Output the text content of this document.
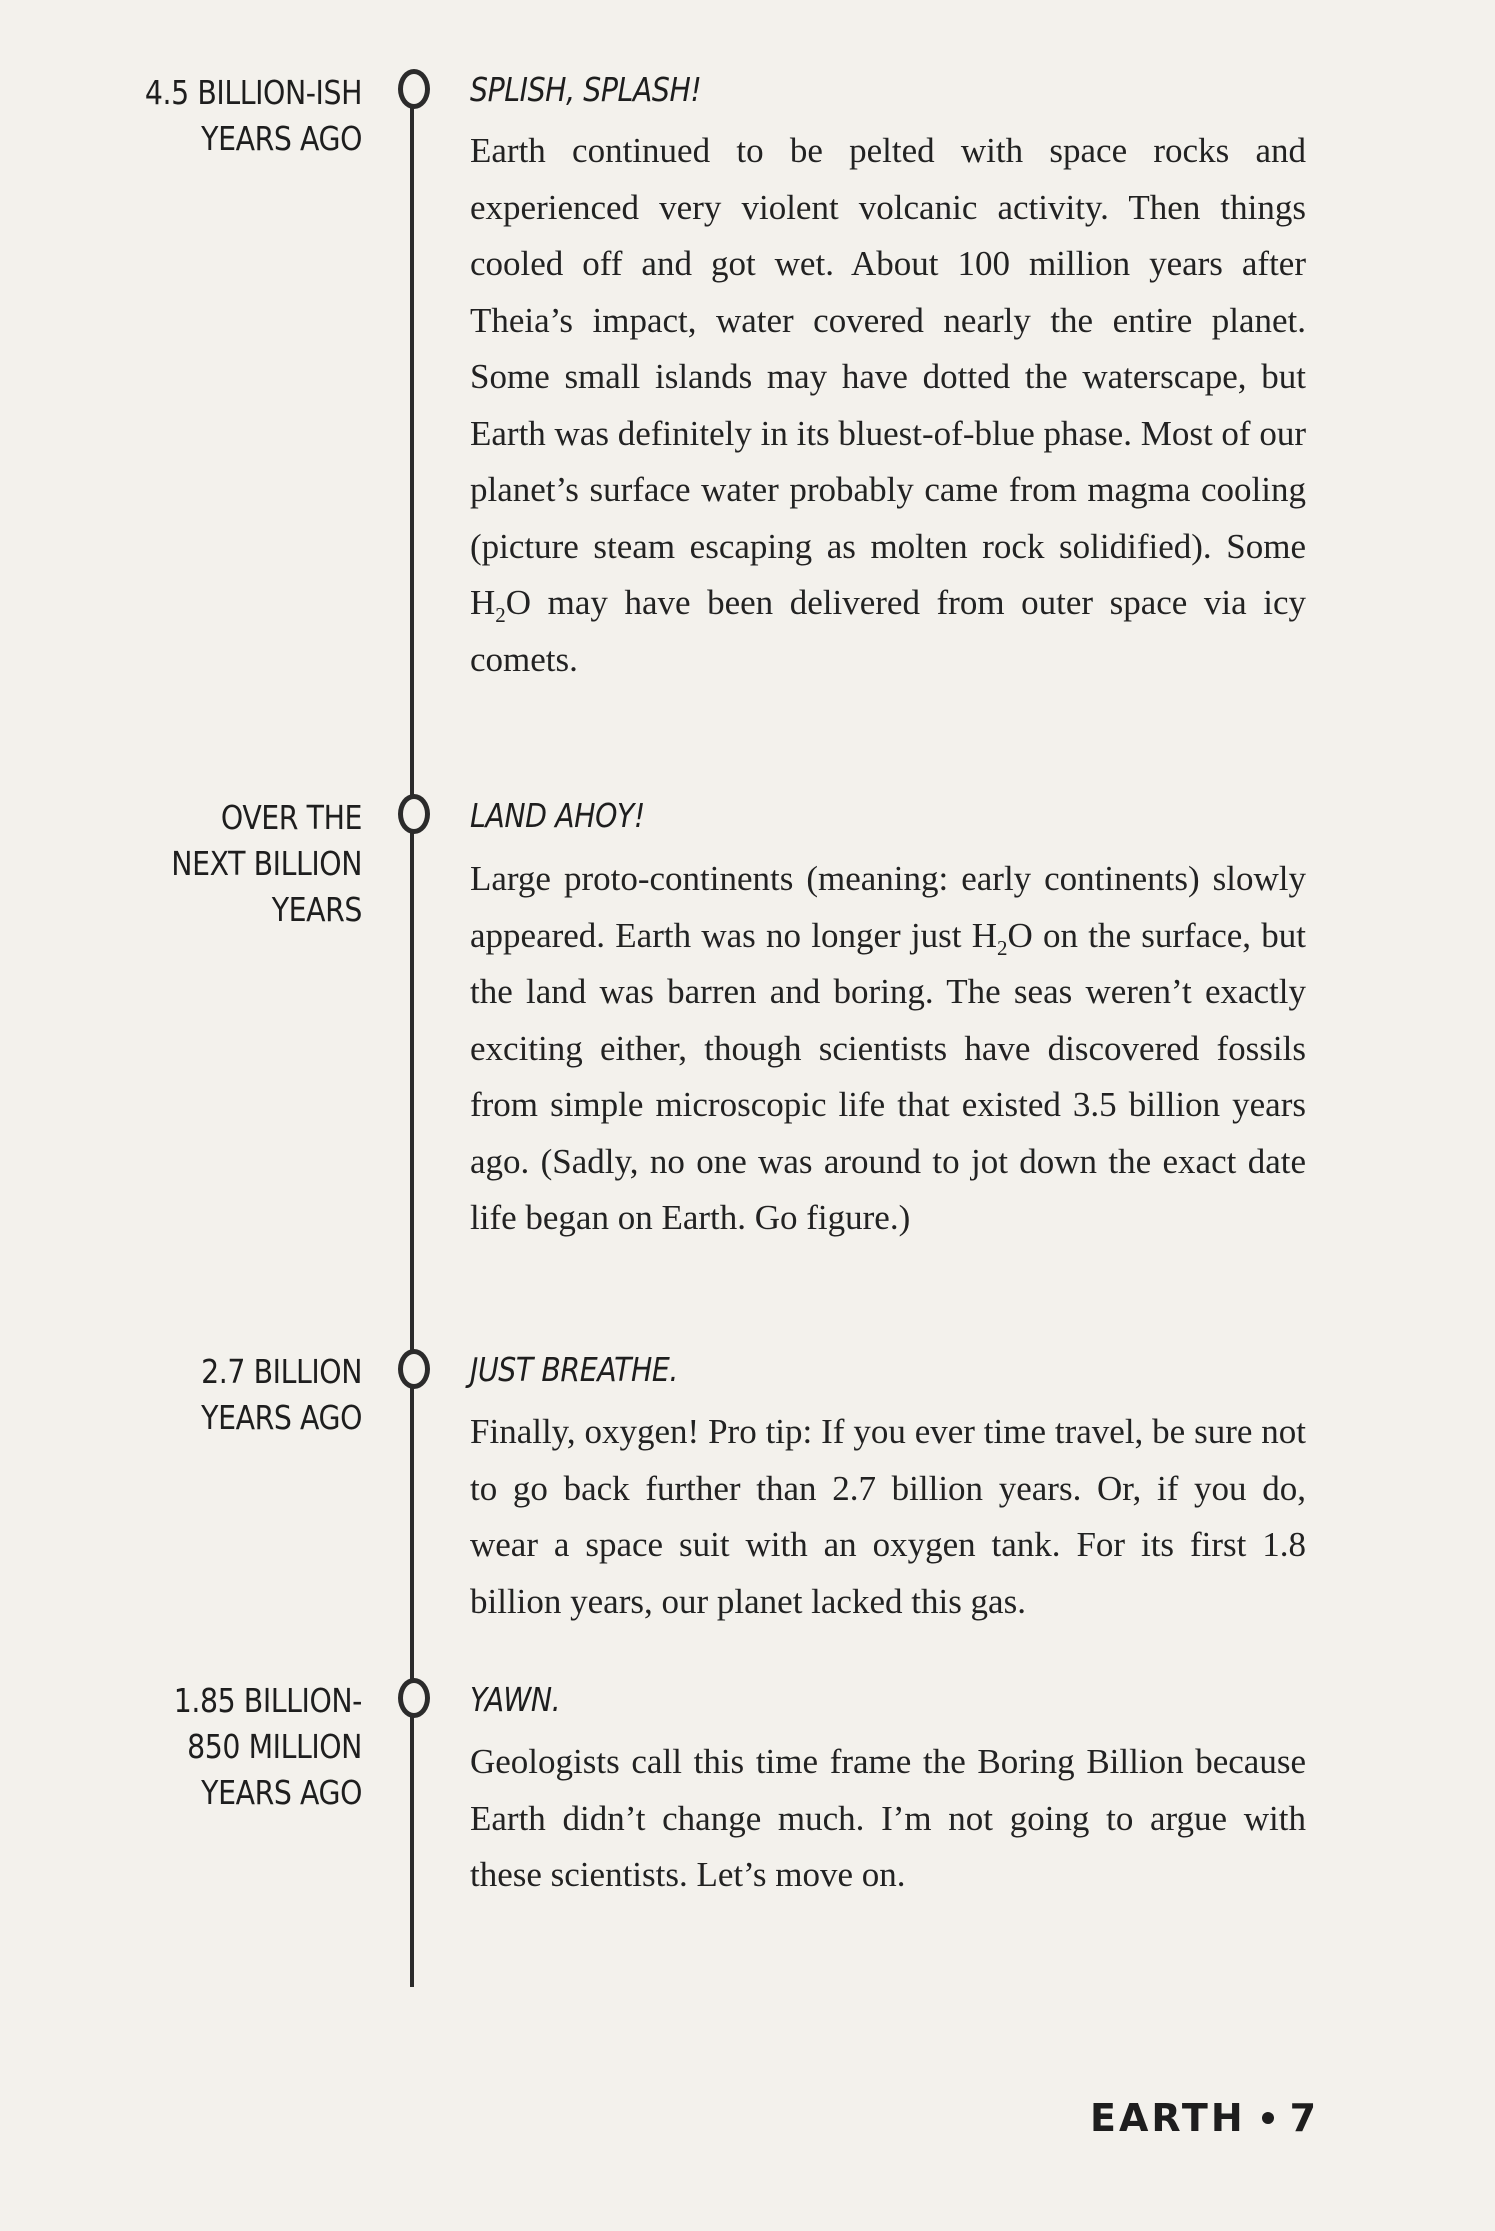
4.5 BILLION-ISH
YEARS AGO
SPLISH, SPLASH!
Earth continued to be pelted with space rocks and experienced very violent volcanic activity. Then things cooled off and got wet. About 100 million years after Theia’s impact, water covered nearly the entire planet. Some small islands may have dotted the waterscape, but Earth was definitely in its bluest-of-blue phase. Most of our planet’s surface water probably came from magma cooling (picture steam escaping as molten rock solidified). Some $H_2O$ may have been delivered from outer space via icy comets.
OVER THE
NEXT BILLION
YEARS
LAND AHOY!
Large proto-continents (meaning: early continents) slowly appeared. Earth was no longer just $H_2O$ on the surface, but the land was barren and boring. The seas weren’t exactly exciting either, though scientists have discovered fossils from simple microscopic life that existed 3.5 billion years ago. (Sadly, no one was around to jot down the exact date life began on Earth. Go figure.)
2.7 BILLION
YEARS AGO
JUST BREATHE.
Finally, oxygen! Pro tip: If you ever time travel, be sure not to go back further than 2.7 billion years. Or, if you do, wear a space suit with an oxygen tank. For its first 1.8 billion years, our planet lacked this gas.
1.85 BILLION-
850 MILLION
YEARS AGO
YAWN.
Geologists call this time frame the Boring Billion because Earth didn’t change much. I’m not going to argue with these scientists. Let’s move on.
EARTH 7
